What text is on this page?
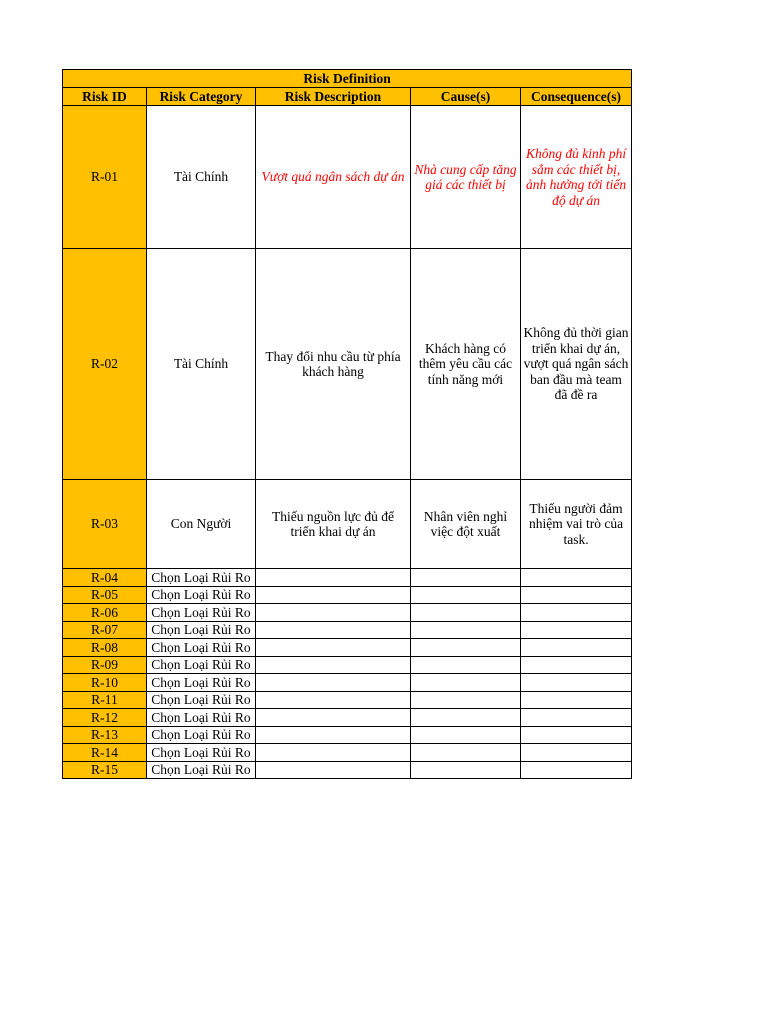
Risk Definition				
Risk ID	Risk Category	Risk Description	Cause(s)	Consequence(s)
R-01	Tài Chính	Vượt quá ngân sách dự án	Nhà cung cấp tăng giá các thiết bị	Không đủ kinh phí sắm các thiết bị, ảnh hưởng tới tiến độ dự án
R-02	Tài Chính	Thay đổi nhu cầu từ phía khách hàng	Khách hàng có thêm yêu cầu các tính năng mới	Không đủ thời gian triển khai dự án, vượt quá ngân sách ban đầu mà team đã đề ra
R-03	Con Người	Thiếu nguồn lực đủ để triển khai dự án	Nhân viên nghỉ việc đột xuất	Thiếu người đảm nhiệm vai trò của task.
R-04	Chọn Loại Rủi Ro			
R-05	Chọn Loại Rủi Ro			
R-06	Chọn Loại Rủi Ro			
R-07	Chọn Loại Rủi Ro			
R-08	Chọn Loại Rủi Ro			
R-09	Chọn Loại Rủi Ro			
R-10	Chọn Loại Rủi Ro			
R-11	Chọn Loại Rủi Ro			
R-12	Chọn Loại Rủi Ro			
R-13	Chọn Loại Rủi Ro			
R-14	Chọn Loại Rủi Ro			
R-15	Chọn Loại Rủi Ro			
